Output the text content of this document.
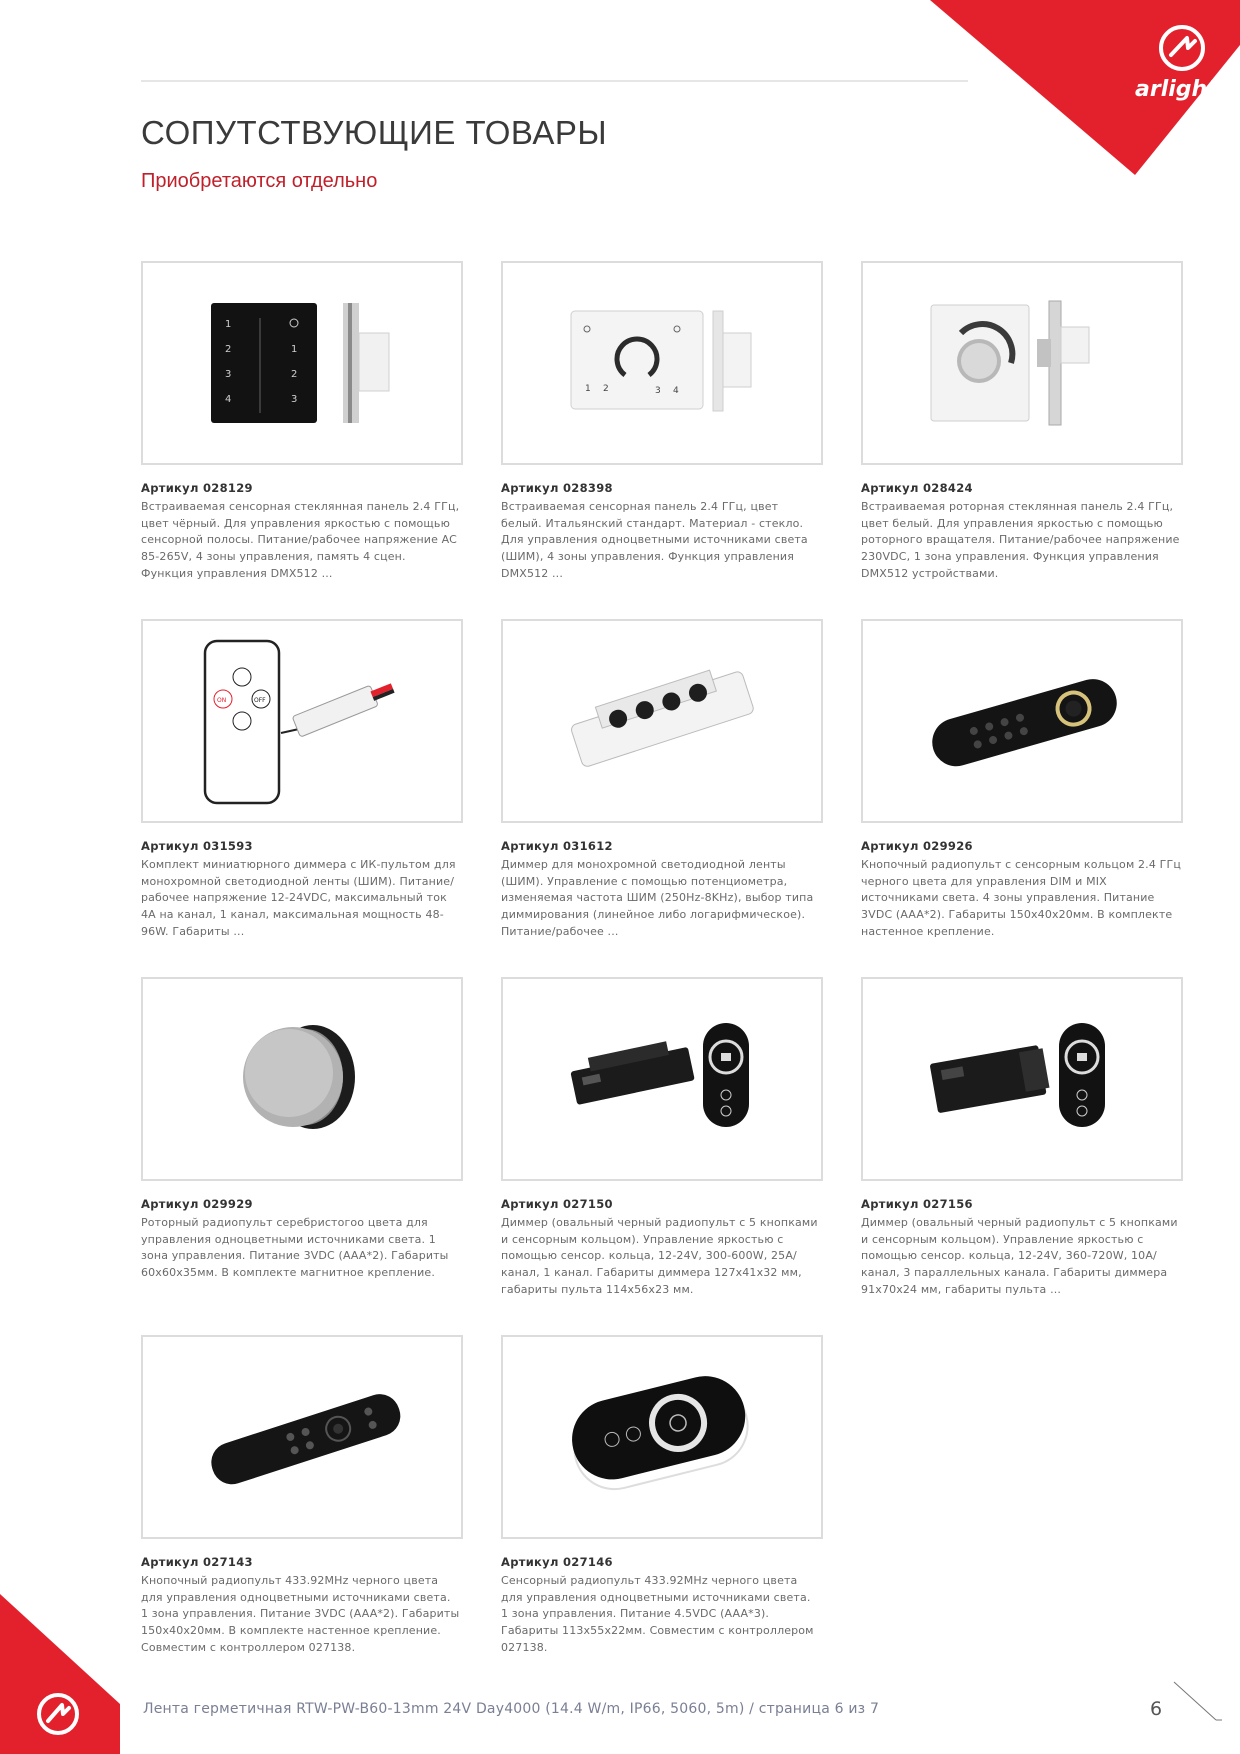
arlight
СОПУТСТВУЮЩИЕ ТОВАРЫ
Приобретаются отдельно
1
2
3
4
1
2
3
Артикул 028129
Встраиваемая сенсорная стеклянная панель 2.4 ГГц, цвет чёрный. Для управления яркостью с помощью сенсорной полосы. Питание/рабочее напряжение AC 85-265V, 4 зоны управления, память 4 сцен. Функция управления DMX512 ...
1 2	3 4
Артикул 028398
Встраиваемая сенсорная панель 2.4 ГГц, цвет белый. Итальянский стандарт. Материал - стекло. Для управления одноцветными источниками света (ШИМ), 4 зоны управления. Функция управления DMX512 ...
Артикул 028424
Встраиваемая роторная стеклянная панель 2.4 ГГц, цвет белый. Для управления яркостью с помощью роторного вращателя. Питание/рабочее напряжение 230VDC, 1 зона управления. Функция управления DMX512 устройствами.
ON	OFF
Артикул 031593
Комплект миниатюрного диммера с ИК-пультом для монохромной светодиодной ленты (ШИМ). Питание/рабочее напряжение 12-24VDC, максимальный ток 4A на канал, 1 канал, максимальная мощность 48-96W. Габариты ...
Артикул 031612
Диммер для монохромной светодиодной ленты (ШИМ). Управление с помощью потенциометра, изменяемая частота ШИМ (250Hz-8KHz), выбор типа диммирования (линейное либо логарифмическое). Питание/рабочее ...
Артикул 029926
Кнопочный радиопульт с сенсорным кольцом 2.4 ГГц черного цвета для управления DIM и MIX источниками света. 4 зоны управления. Питание 3VDC (AAA*2). Габариты 150x40x20мм. В комплекте настенное крепление.
Артикул 029929
Роторный радиопульт серебристогоо цвета для управления одноцветными источниками света. 1 зона управления. Питание 3VDC (AAA*2). Габариты 60x60x35мм. В комплекте магнитное крепление.
Артикул 027150
Диммер (овальный черный радиопульт с 5 кнопками и сенсорным кольцом). Управление яркостью с помощью сенсор. кольца, 12-24V, 300-600W, 25A/канал, 1 канал. Габариты диммера 127x41x32 мм, габариты пульта 114x56x23 мм.
Артикул 027156
Диммер (овальный черный радиопульт с 5 кнопками и сенсорным кольцом). Управление яркостью с помощью сенсор. кольца, 12-24V, 360-720W, 10A/канал, 3 параллельных канала. Габариты диммера 91x70x24 мм, габариты пульта ...
Артикул 027143
Кнопочный радиопульт 433.92MHz черного цвета для управления одноцветными источниками света. 1 зона управления. Питание 3VDC (AAA*2). Габариты 150x40x20мм. В комплекте настенное крепление. Совместим с контроллером 027138.
Артикул 027146
Сенсорный радиопульт 433.92MHz черного цвета для управления одноцветными источниками света. 1 зона управления. Питание 4.5VDC (AAA*3). Габариты 113x55x22мм. Совместим с контроллером 027138.
Лента герметичная RTW-PW-B60-13mm 24V Day4000 (14.4 W/m, IP66, 5060, 5m) / страница 6 из 7	6
